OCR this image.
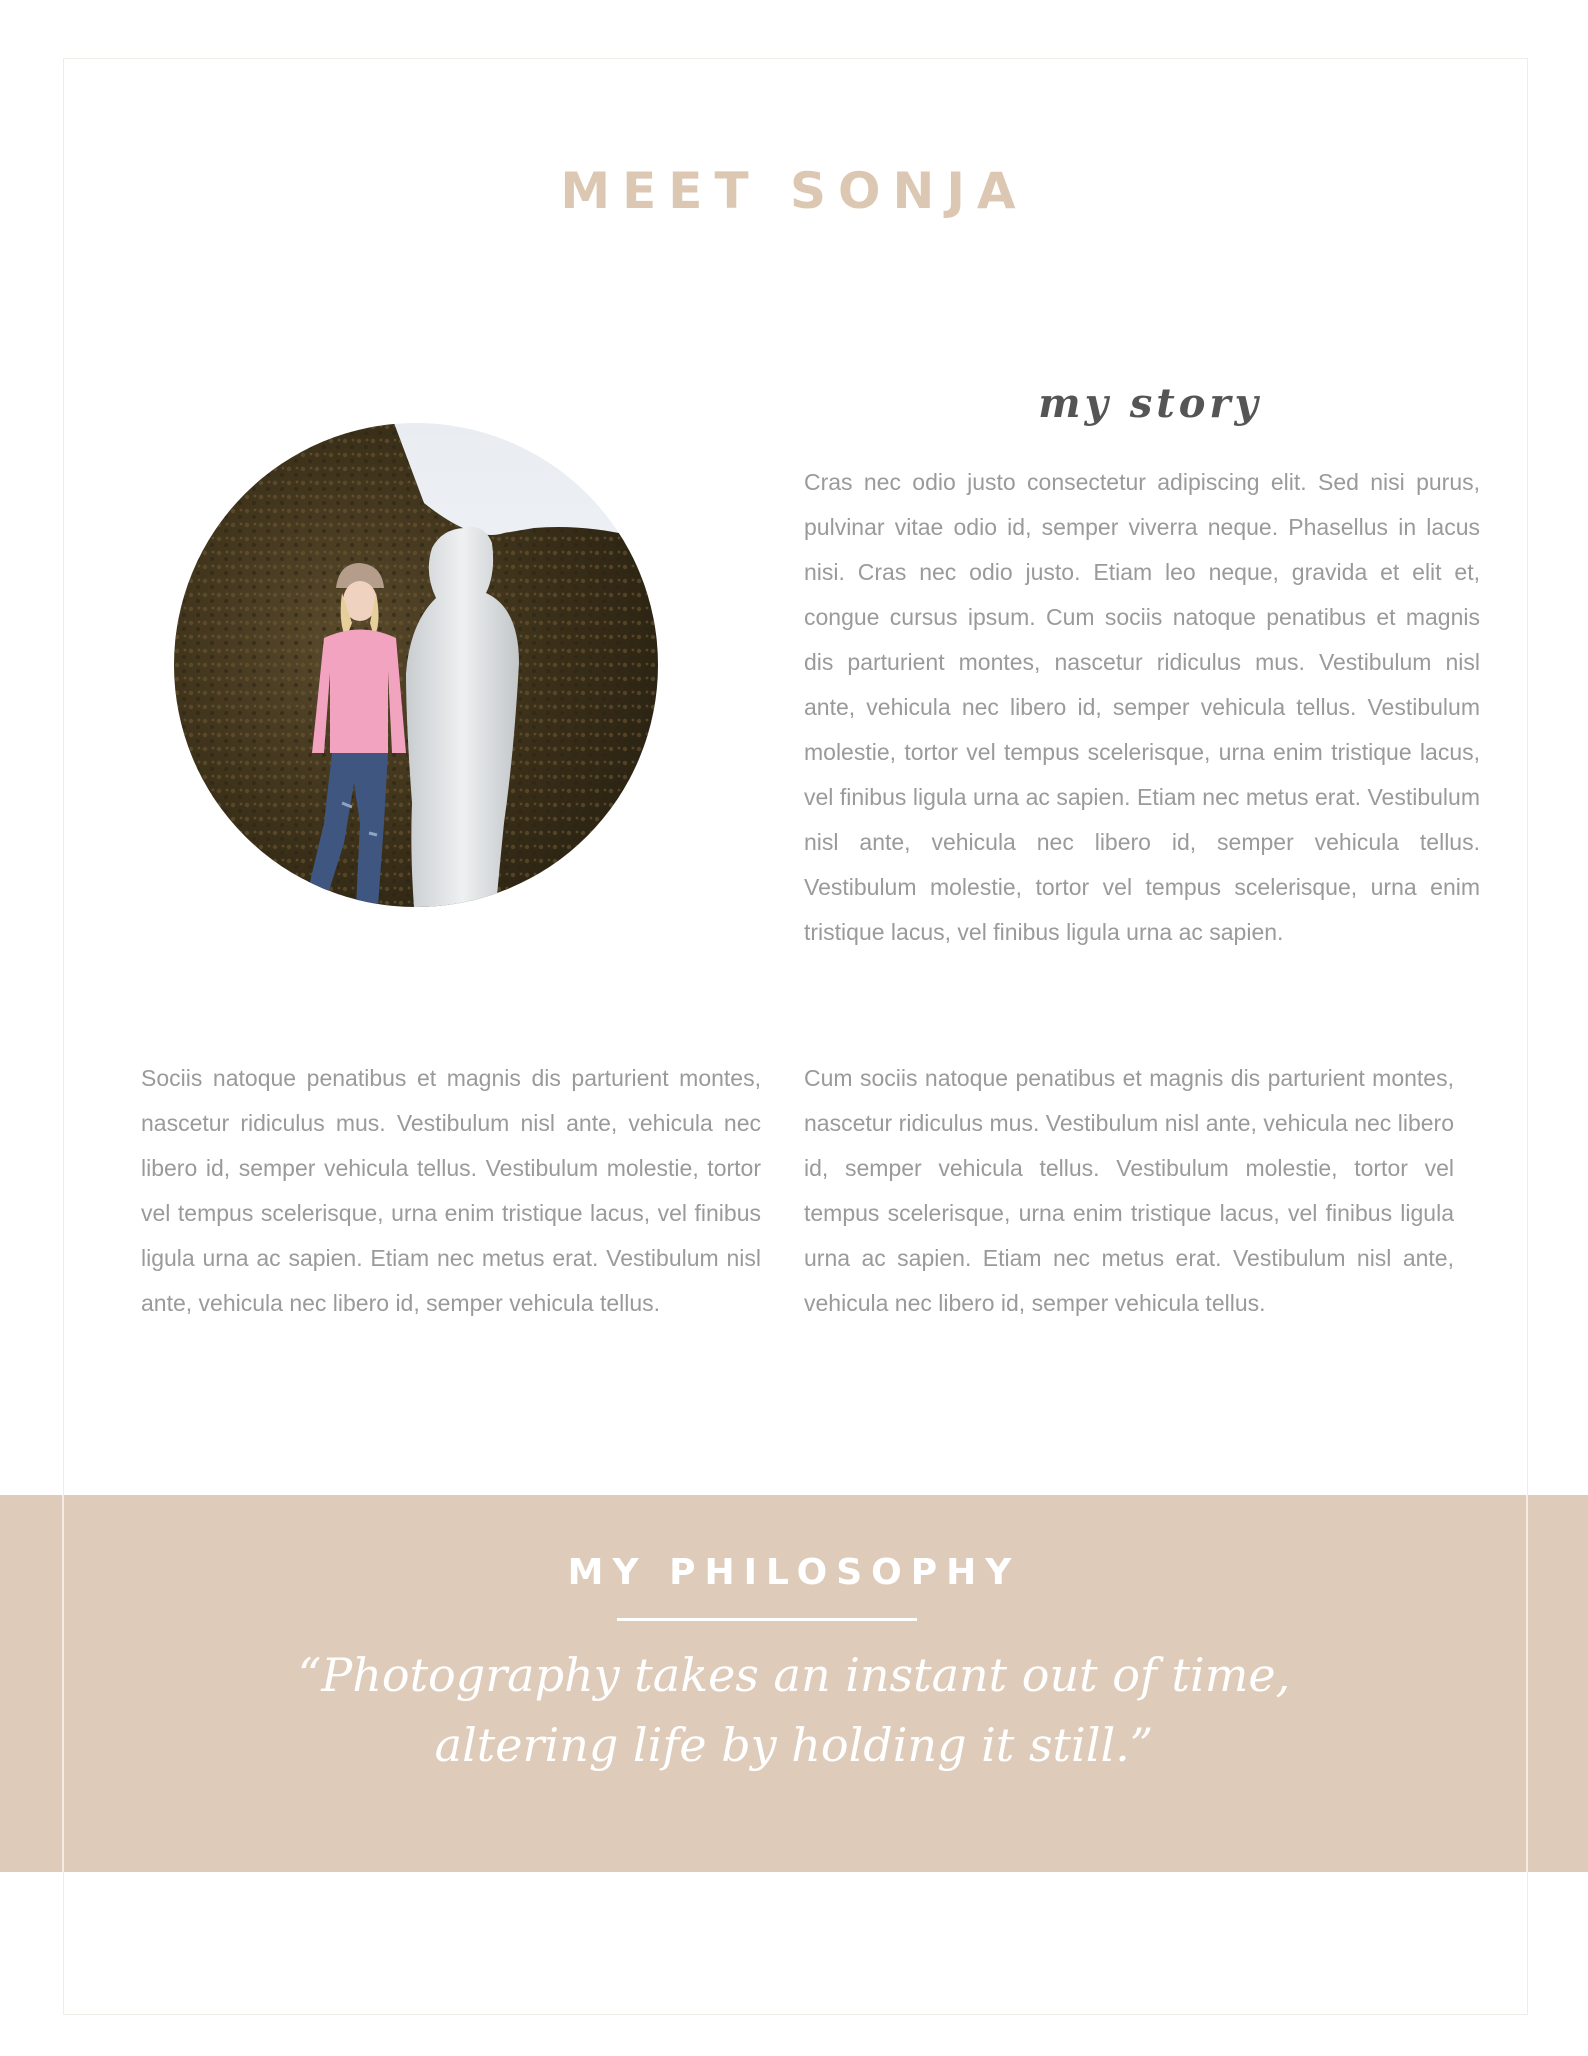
MEET SONJA
my story

Cras nec odio justo consectetur adipiscing elit. Sed nisi purus, pulvinar vitae odio id, semper viverra neque. Phasellus in lacus nisi. Cras nec odio justo. Etiam leo neque, gravida et elit et, congue cursus ipsum. Cum sociis natoque penatibus et magnis dis parturient montes, nascetur ridiculus mus. Vestibulum nisl ante, vehicula nec libero id, semper vehicula tellus. Vestibulum molestie, tortor vel tempus scelerisque, urna enim tristique lacus, vel finibus ligula urna ac sapien. Etiam nec metus erat. Vestibulum nisl ante, vehicula nec libero id, semper vehicula tellus. Vestibulum molestie, tortor vel tempus scelerisque, urna enim tristique lacus, vel finibus ligula urna ac sapien.

Sociis natoque penatibus et magnis dis parturient montes, nascetur ridiculus mus. Vestibulum nisl ante, vehicula nec libero id, semper vehicula tellus. Vestibulum molestie, tortor vel tempus scelerisque, urna enim tristique lacus, vel finibus ligula urna ac sapien. Etiam nec metus erat. Vestibulum nisl ante, vehicula nec libero id, semper vehicula tellus.

Cum sociis natoque penatibus et magnis dis parturient montes, nascetur ridiculus mus. Vestibulum nisl ante, vehicula nec libero id, semper vehicula tellus. Vestibulum molestie, tortor vel tempus scelerisque, urna enim tristique lacus, vel finibus ligula urna ac sapien. Etiam nec metus erat. Vestibulum nisl ante, vehicula nec libero id, semper vehicula tellus.

MY PHILOSOPHY

“Photography takes an instant out of time,
altering life by holding it still.”
